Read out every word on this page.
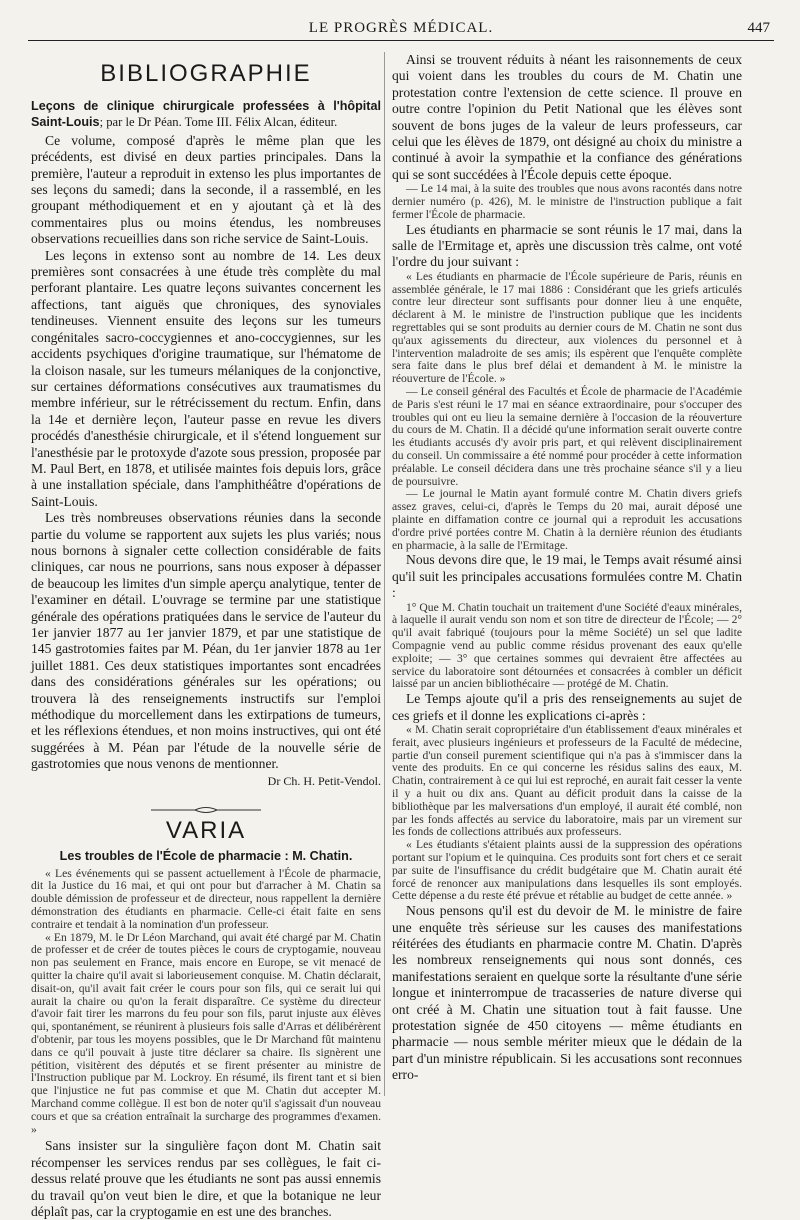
LE PROGRÈS MÉDICAL.	447
BIBLIOGRAPHIE

Leçons de clinique chirurgicale professées à l'hôpital Saint-Louis; par le Dr Péan. Tome III. Félix Alcan, éditeur.

Ce volume, composé d'après le même plan que les précédents, est divisé en deux parties principales. Dans la première, l'auteur a reproduit in extenso les plus importantes de ses leçons du samedi; dans la seconde, il a rassemblé, en les groupant méthodiquement et en y ajoutant çà et là des commentaires plus ou moins étendus, les nombreuses observations recueillies dans son riche service de Saint-Louis.

Les leçons in extenso sont au nombre de 14. Les deux premières sont consacrées à une étude très complète du mal perforant plantaire. Les quatre leçons suivantes concernent les affections, tant aiguës que chroniques, des synoviales tendineuses. Viennent ensuite des leçons sur les tumeurs congénitales sacro-coccygiennes et ano-coccygiennes, sur les accidents psychiques d'origine traumatique, sur l'hématome de la cloison nasale, sur les tumeurs mélaniques de la conjonctive, sur certaines déformations consécutives aux traumatismes du membre inférieur, sur le rétrécissement du rectum. Enfin, dans la 14e et dernière leçon, l'auteur passe en revue les divers procédés d'anesthésie chirurgicale, et il s'étend longuement sur l'anesthésie par le protoxyde d'azote sous pression, proposée par M. Paul Bert, en 1878, et utilisée maintes fois depuis lors, grâce à une installation spéciale, dans l'amphithéâtre d'opérations de Saint-Louis.

Les très nombreuses observations réunies dans la seconde partie du volume se rapportent aux sujets les plus variés; nous nous bornons à signaler cette collection considérable de faits cliniques, car nous ne pourrions, sans nous exposer à dépasser de beaucoup les limites d'un simple aperçu analytique, tenter de l'examiner en détail. L'ouvrage se termine par une statistique générale des opérations pratiquées dans le service de l'auteur du 1er janvier 1877 au 1er janvier 1879, et par une statistique de 145 gastrotomies faites par M. Péan, du 1er janvier 1878 au 1er juillet 1881. Ces deux statistiques importantes sont encadrées dans des considérations générales sur les opérations; ou trouvera là des renseignements instructifs sur l'emploi méthodique du morcellement dans les extirpations de tumeurs, et les réflexions étendues, et non moins instructives, qui ont été suggérées à M. Péan par l'étude de la nouvelle série de gastrotomies que nous venons de mentionner.

Dr Ch. H. Petit-Vendol.
VARIA
Les troubles de l'École de pharmacie : M. Chatin.

« Les événements qui se passent actuellement à l'École de pharmacie, dit la Justice du 16 mai, et qui ont pour but d'arracher à M. Chatin sa double démission de professeur et de directeur, nous rappellent la dernière démonstration des étudiants en pharmacie. Celle-ci était faite en sens contraire et tendait à la nomination d'un professeur.

« En 1879, M. le Dr Léon Marchand, qui avait été chargé par M. Chatin de professer et de créer de toutes pièces le cours de cryptogamie, nouveau non pas seulement en France, mais encore en Europe, se vit menacé de quitter la chaire qu'il avait si laborieusement conquise. M. Chatin déclarait, disait-on, qu'il avait fait créer le cours pour son fils, qui ce serait lui qui aurait la chaire ou qu'on la ferait disparaître. Ce système du directeur d'avoir fait tirer les marrons du feu pour son fils, parut injuste aux élèves qui, spontanément, se réunirent à plusieurs fois salle d'Arras et délibérèrent d'obtenir, par tous les moyens possibles, que le Dr Marchand fût maintenu dans ce qu'il pouvait à juste titre déclarer sa chaire. Ils signèrent une pétition, visitèrent des députés et se firent présenter au ministre de l'Instruction publique par M. Lockroy. En résumé, ils firent tant et si bien que l'injustice ne fut pas commise et que M. Chatin dut accepter M. Marchand comme collègue. Il est bon de noter qu'il s'agissait d'un nouveau cours et que sa création entraînait la surcharge des programmes d'examen. »

Sans insister sur la singulière façon dont M. Chatin sait récompenser les services rendus par ses collègues, le fait ci-dessus relaté prouve que les étudiants ne sont pas aussi ennemis du travail qu'on veut bien le dire, et que la botanique ne leur déplaît pas, car la cryptogamie en est une des branches.

Ainsi se trouvent réduits à néant les raisonnements de ceux qui voient dans les troubles du cours de M. Chatin une protestation contre l'extension de cette science. Il prouve en outre contre l'opinion du Petit National que les élèves sont souvent de bons juges de la valeur de leurs professeurs, car celui que les élèves de 1879, ont désigné au choix du ministre a continué à avoir la sympathie et la confiance des générations qui se sont succédées à l'École depuis cette époque.

— Le 14 mai, à la suite des troubles que nous avons racontés dans notre dernier numéro (p. 426), M. le ministre de l'instruction publique a fait fermer l'École de pharmacie.

Les étudiants en pharmacie se sont réunis le 17 mai, dans la salle de l'Ermitage et, après une discussion très calme, ont voté l'ordre du jour suivant :

« Les étudiants en pharmacie de l'École supérieure de Paris, réunis en assemblée générale, le 17 mai 1886 : Considérant que les griefs articulés contre leur directeur sont suffisants pour donner lieu à une enquête, déclarent à M. le ministre de l'instruction publique que les incidents regrettables qui se sont produits au dernier cours de M. Chatin ne sont dus qu'aux agissements du directeur, aux violences du personnel et à l'intervention maladroite de ses amis; ils espèrent que l'enquête complète sera faite dans le plus bref délai et demandent à M. le ministre la réouverture de l'École. »

— Le conseil général des Facultés et École de pharmacie de l'Académie de Paris s'est réuni le 17 mai en séance extraordinaire, pour s'occuper des troubles qui ont eu lieu la semaine dernière à l'occasion de la réouverture du cours de M. Chatin. Il a décidé qu'une information serait ouverte contre les étudiants accusés d'y avoir pris part, et qui relèvent disciplinairement du conseil. Un commissaire a été nommé pour procéder à cette information préalable. Le conseil décidera dans une très prochaine séance s'il y a lieu de poursuivre.

— Le journal le Matin ayant formulé contre M. Chatin divers griefs assez graves, celui-ci, d'après le Temps du 20 mai, aurait déposé une plainte en diffamation contre ce journal qui a reproduit les accusations d'ordre privé portées contre M. Chatin à la dernière réunion des étudiants en pharmacie, à la salle de l'Ermitage.

Nous devons dire que, le 19 mai, le Temps avait résumé ainsi qu'il suit les principales accusations formulées contre M. Chatin :

1° Que M. Chatin touchait un traitement d'une Société d'eaux minérales, à laquelle il aurait vendu son nom et son titre de directeur de l'École; — 2° qu'il avait fabriqué (toujours pour la même Société) un sel que ladite Compagnie vend au public comme résidus provenant des eaux qu'elle exploite; — 3° que certaines sommes qui devraient être affectées au service du laboratoire sont détournées et consacrées à combler un déficit laissé par un ancien bibliothécaire — protégé de M. Chatin.

Le Temps ajoute qu'il a pris des renseignements au sujet de ces griefs et il donne les explications ci-après :

« M. Chatin serait copropriétaire d'un établissement d'eaux minérales et ferait, avec plusieurs ingénieurs et professeurs de la Faculté de médecine, partie d'un conseil purement scientifique qui n'a pas à s'immiscer dans la vente des produits. En ce qui concerne les résidus salins des eaux, M. Chatin, contrairement à ce qui lui est reproché, en aurait fait cesser la vente il y a huit ou dix ans. Quant au déficit produit dans la caisse de la bibliothèque par les malversations d'un employé, il aurait été comblé, non par les fonds affectés au service du laboratoire, mais par un virement sur les fonds de collections attribués aux professeurs.

« Les étudiants s'étaient plaints aussi de la suppression des opérations portant sur l'opium et le quinquina. Ces produits sont fort chers et ce serait par suite de l'insuffisance du crédit budgétaire que M. Chatin aurait été forcé de renoncer aux manipulations dans lesquelles ils sont employés. Cette dépense a du reste été prévue et rétablie au budget de cette année. »

Nous pensons qu'il est du devoir de M. le ministre de faire une enquête très sérieuse sur les causes des manifestations réitérées des étudiants en pharmacie contre M. Chatin. D'après les nombreux renseignements qui nous sont donnés, ces manifestations seraient en quelque sorte la résultante d'une série longue et ininterrompue de tracasseries de nature diverse qui ont créé à M. Chatin une situation tout à fait fausse. Une protestation signée de 450 citoyens — même étudiants en pharmacie — nous semble mériter mieux que le dédain de la part d'un ministre républicain. Si les accusations sont reconnues erro-
